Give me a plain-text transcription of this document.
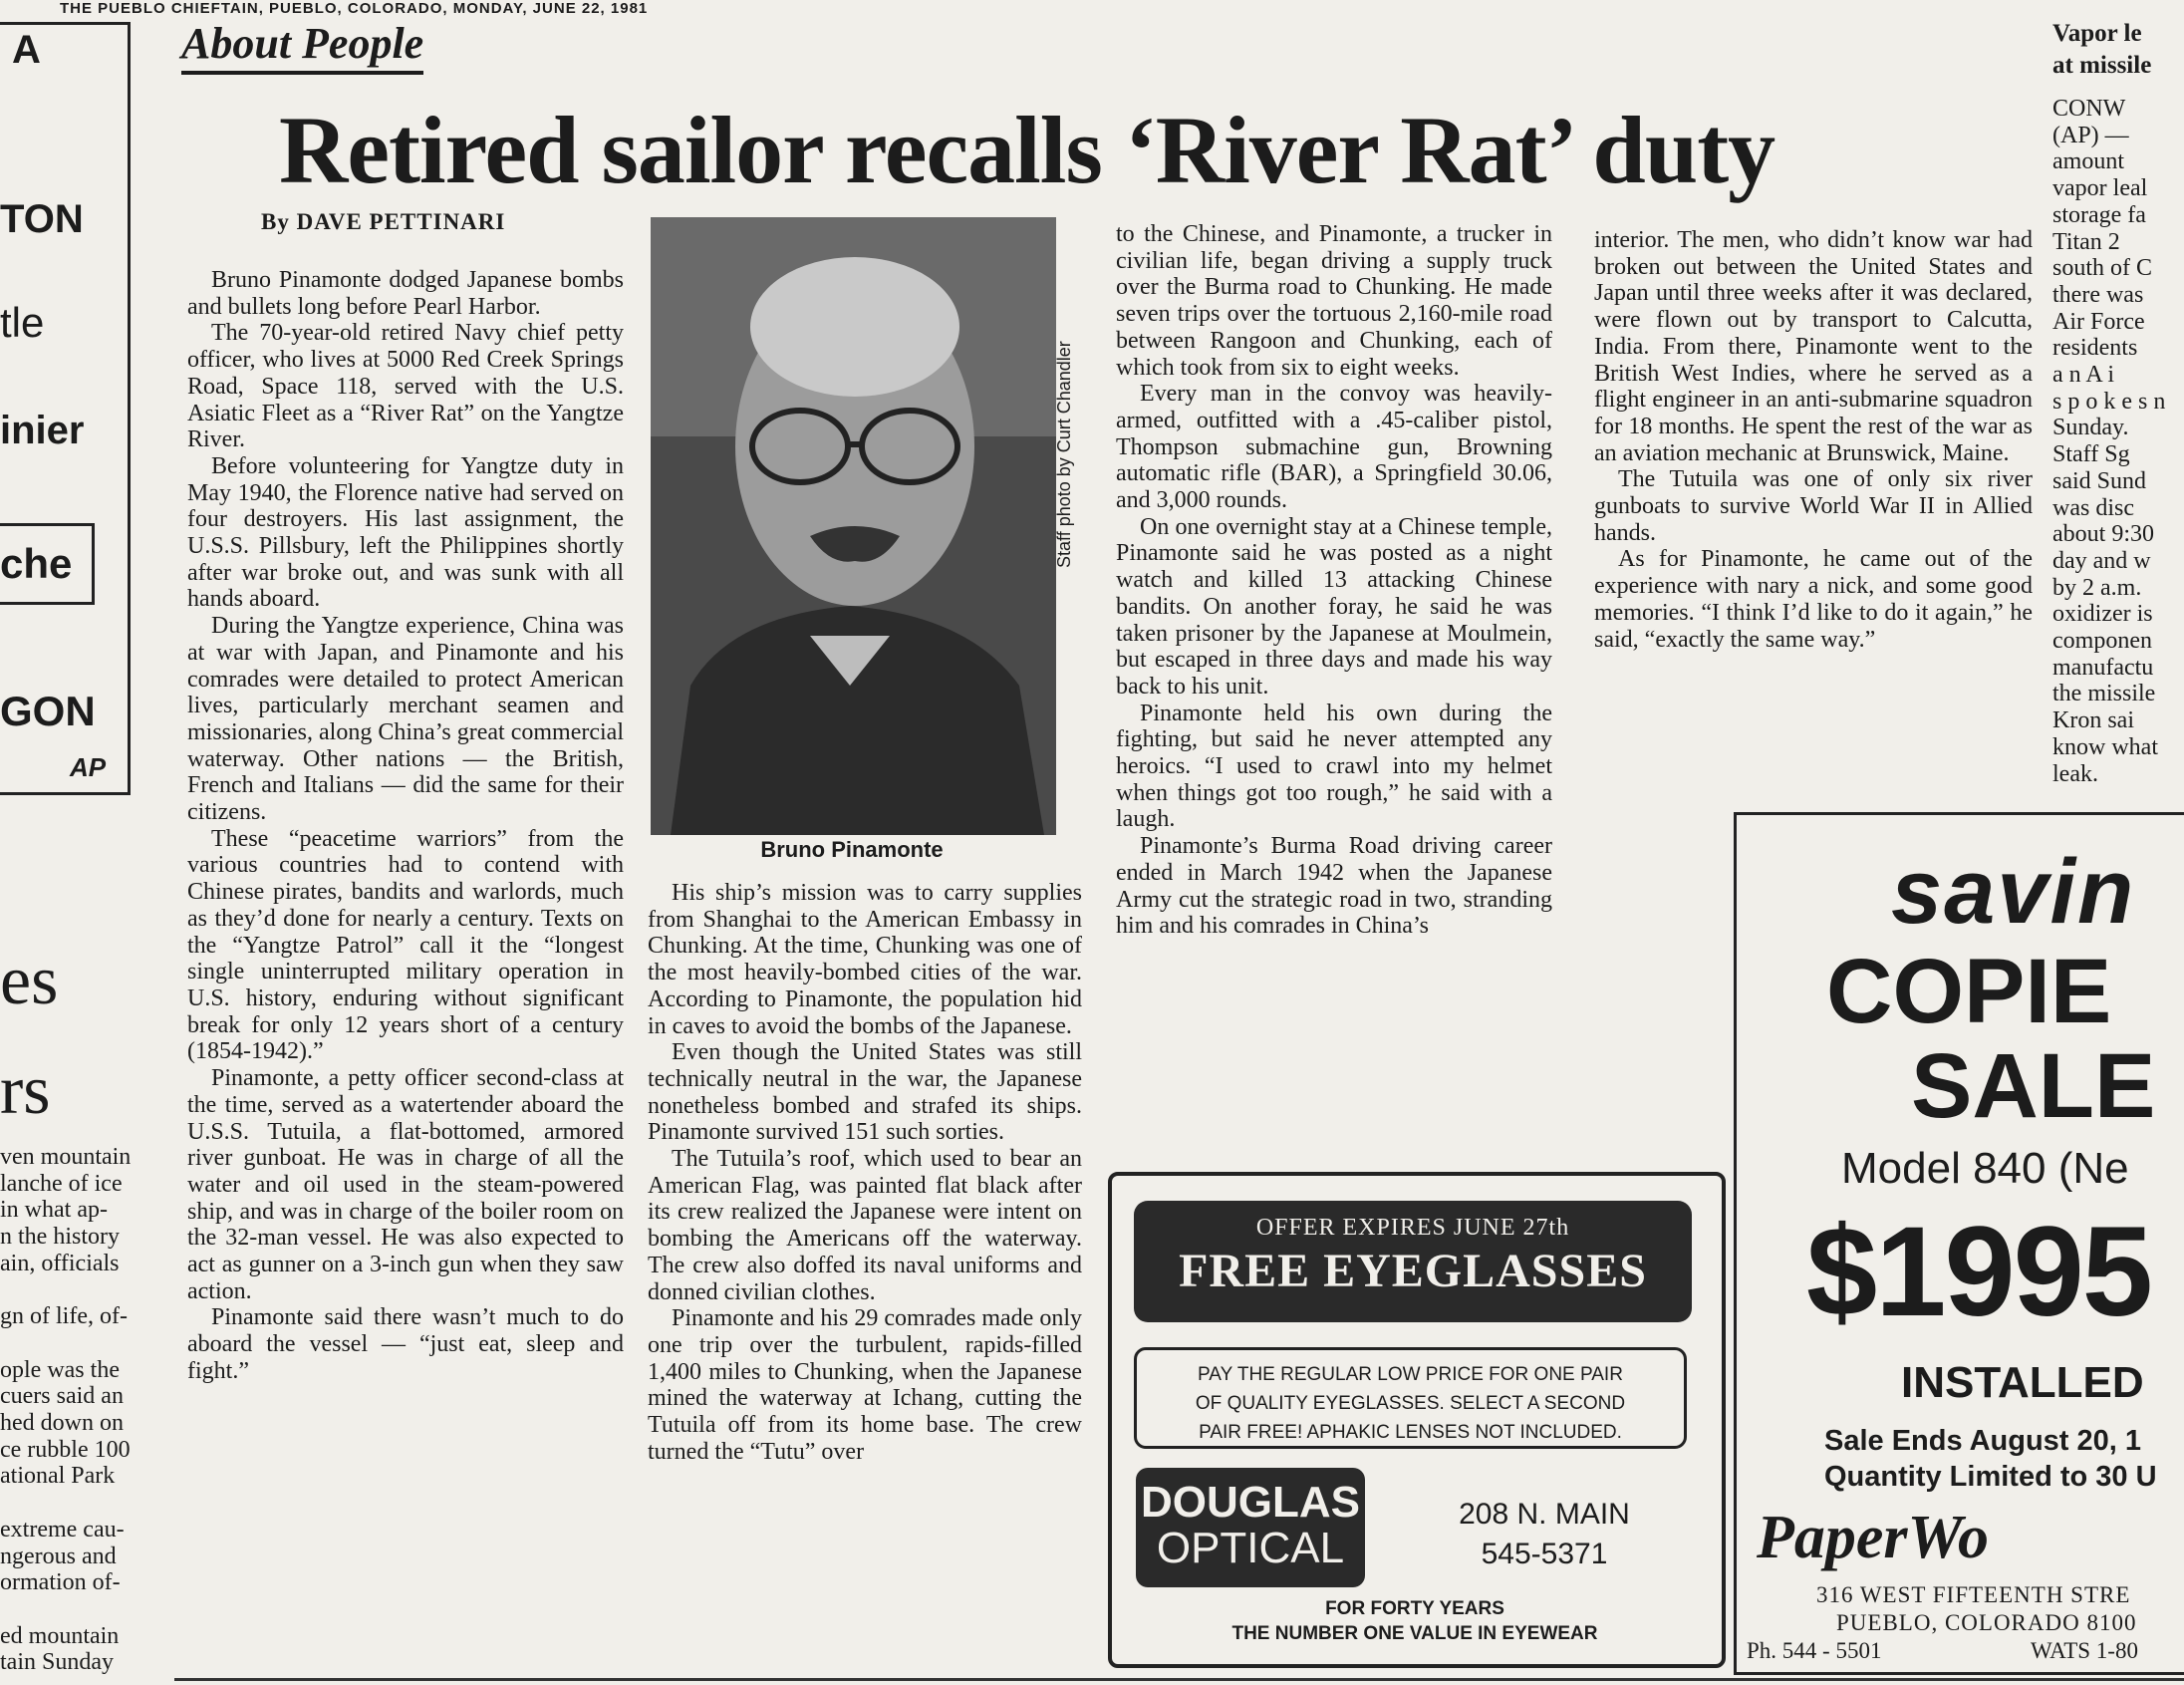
THE PUEBLO CHIEFTAIN, PUEBLO, COLORADO, MONDAY, JUNE 22, 1981
About People
Retired sailor recalls ‘River Rat’ duty
By DAVE PETTINARI

Bruno Pinamonte dodged Japanese bombs and bullets long before Pearl Harbor.

The 70-year-old retired Navy chief petty officer, who lives at 5000 Red Creek Springs Road, Space 118, served with the U.S. Asiatic Fleet as a “River Rat” on the Yangtze River.

Before volunteering for Yangtze duty in May 1940, the Florence native had served on four destroyers. His last assignment, the U.S.S. Pillsbury, left the Philippines shortly after war broke out, and was sunk with all hands aboard.

During the Yangtze experience, China was at war with Japan, and Pinamonte and his comrades were detailed to protect American lives, particularly merchant seamen and missionaries, along China’s great commercial waterway. Other nations — the British, French and Italians — did the same for their citizens.

These “peacetime warriors” from the various countries had to contend with Chinese pirates, bandits and warlords, much as they’d done for nearly a century. Texts on the “Yangtze Patrol” call it the “longest single uninterrupted military operation in U.S. history, enduring without significant break for only 12 years short of a century (1854-1942).”

Pinamonte, a petty officer second-class at the time, served as a watertender aboard the U.S.S. Tutuila, a flat-bottomed, armored river gunboat. He was in charge of all the water and oil used in the steam-powered ship, and was in charge of the boiler room on the 32-man vessel. He was also expected to act as gunner on a 3-inch gun when they saw action.

Pinamonte said there wasn’t much to do aboard the vessel — “just eat, sleep and fight.”

Staff photo by Curt Chandler
Bruno Pinamonte

His ship’s mission was to carry supplies from Shanghai to the American Embassy in Chunking. At the time, Chunking was one of the most heavily-bombed cities of the war. According to Pinamonte, the population hid in caves to avoid the bombs of the Japanese.

Even though the United States was still technically neutral in the war, the Japanese nonetheless bombed and strafed its ships. Pinamonte survived 151 such sorties.

The Tutuila’s roof, which used to bear an American Flag, was painted flat black after its crew realized the Japanese were intent on bombing the Americans off the waterway. The crew also doffed its naval uniforms and donned civilian clothes.

Pinamonte and his 29 comrades made only one trip over the turbulent, rapids-filled 1,400 miles to Chunking, when the Japanese mined the waterway at Ichang, cutting the Tutuila off from its home base. The crew turned the “Tutu” over

to the Chinese, and Pinamonte, a trucker in civilian life, began driving a supply truck over the Burma road to Chunking. He made seven trips over the tortuous 2,160-mile road between Rangoon and Chunking, each of which took from six to eight weeks.

Every man in the convoy was heavily-armed, outfitted with a .45-caliber pistol, Thompson submachine gun, Browning automatic rifle (BAR), a Springfield 30.06, and 3,000 rounds.

On one overnight stay at a Chinese temple, Pinamonte said he was posted as a night watch and killed 13 attacking Chinese bandits. On another foray, he said he was taken prisoner by the Japanese at Moulmein, but escaped in three days and made his way back to his unit.

Pinamonte held his own during the fighting, but said he never attempted any heroics. “I used to crawl into my helmet when things got too rough,” he said with a laugh.

Pinamonte’s Burma Road driving career ended in March 1942 when the Japanese Army cut the strategic road in two, stranding him and his comrades in China’s

interior. The men, who didn’t know war had broken out between the United States and Japan until three weeks after it was declared, were flown out by transport to Calcutta, India. From there, Pinamonte went to the British West Indies, where he served as a flight engineer in an anti-submarine squadron for 18 months. He spent the rest of the war as an aviation mechanic at Brunswick, Maine.

The Tutuila was one of only six river gunboats to survive World War II in Allied hands.

As for Pinamonte, he came out of the experience with nary a nick, and some good memories. “I think I’d like to do it again,” he said, “exactly the same way.”

A
TON
tle
inier
che
GON
AP
es
rs
ven mountain
lanche of ice
in what ap-
n the history
ain, officials
gn of life, of-
ople was the
cuers said an
hed down on
ce rubble 100
ational Park
extreme cau-
ngerous and
ormation of-
ed mountain
tain Sunday
Vapor le
at missile
CONW
(AP) —
amount
vapor leal
storage fa
Titan 2
south of C
there was
Air Force
residents
a n A i
s p o k e s n
Sunday.
Staff Sg
said Sund
was disc
about 9:30
day and w
by 2 a.m.
oxidizer is
componen
manufactu
the missile
Kron sai
know what
leak.
OFFER EXPIRES JUNE 27th
FREE EYEGLASSES
PAY THE REGULAR LOW PRICE FOR ONE PAIR
OF QUALITY EYEGLASSES. SELECT A SECOND
PAIR FREE! APHAKIC LENSES NOT INCLUDED.
DOUGLAS
OPTICAL
208 N. MAIN
545-5371
FOR FORTY YEARS
THE NUMBER ONE VALUE IN EYEWEAR
savin
COPIE
SALE
Model 840 (Ne
$1995
INSTALLED
Sale Ends August 20, 1
Quantity Limited to 30 U
PaperWo
316 WEST FIFTEENTH STRE
PUEBLO, COLORADO 8100
Ph. 544 - 5501	WATS 1-80
